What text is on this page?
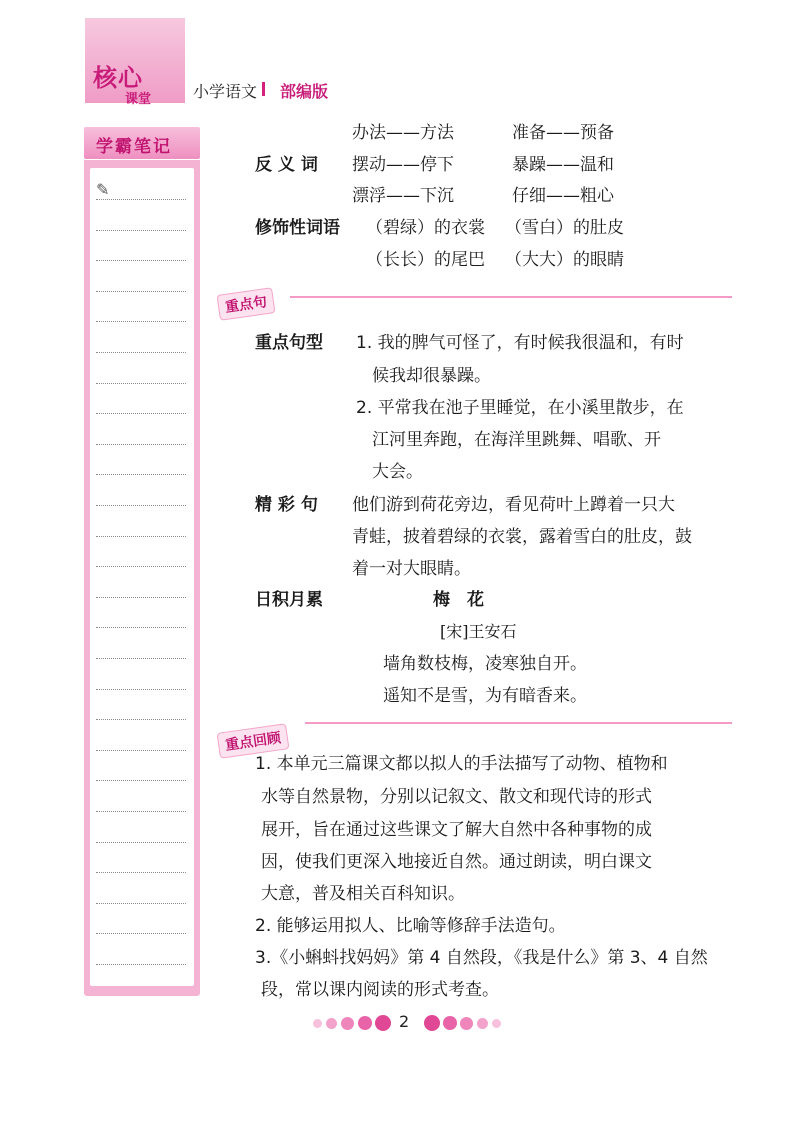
核心
课堂	小学语文 部编版
学霸笔记
✎
办法——方法	准备——预备
反 义 词 摆动——停下	暴躁——温和
漂浮——下沉	仔细——粗心
修饰性词语 （碧绿）的衣裳 （雪白）的肚皮
（长长）的尾巴 （大大）的眼睛
重点句
重点句型 1. 我的脾气可怪了，有时候我很温和，有时
候我却很暴躁。
2. 平常我在池子里睡觉，在小溪里散步，在
江河里奔跑，在海洋里跳舞、唱歌、开
大会。
精 彩 句 他们游到荷花旁边，看见荷叶上蹲着一只大
青蛙，披着碧绿的衣裳，露着雪白的肚皮，鼓
着一对大眼睛。
日积月累	梅　花
[宋]王安石
墙角数枝梅，凌寒独自开。
遥知不是雪，为有暗香来。
重点回顾
1. 本单元三篇课文都以拟人的手法描写了动物、植物和
水等自然景物，分别以记叙文、散文和现代诗的形式
展开，旨在通过这些课文了解大自然中各种事物的成
因，使我们更深入地接近自然。通过朗读，明白课文
大意，普及相关百科知识。
2. 能够运用拟人、比喻等修辞手法造句。
3.《小蝌蚪找妈妈》第 4 自然段，《我是什么》第 3、4 自然
段，常以课内阅读的形式考查。
2
